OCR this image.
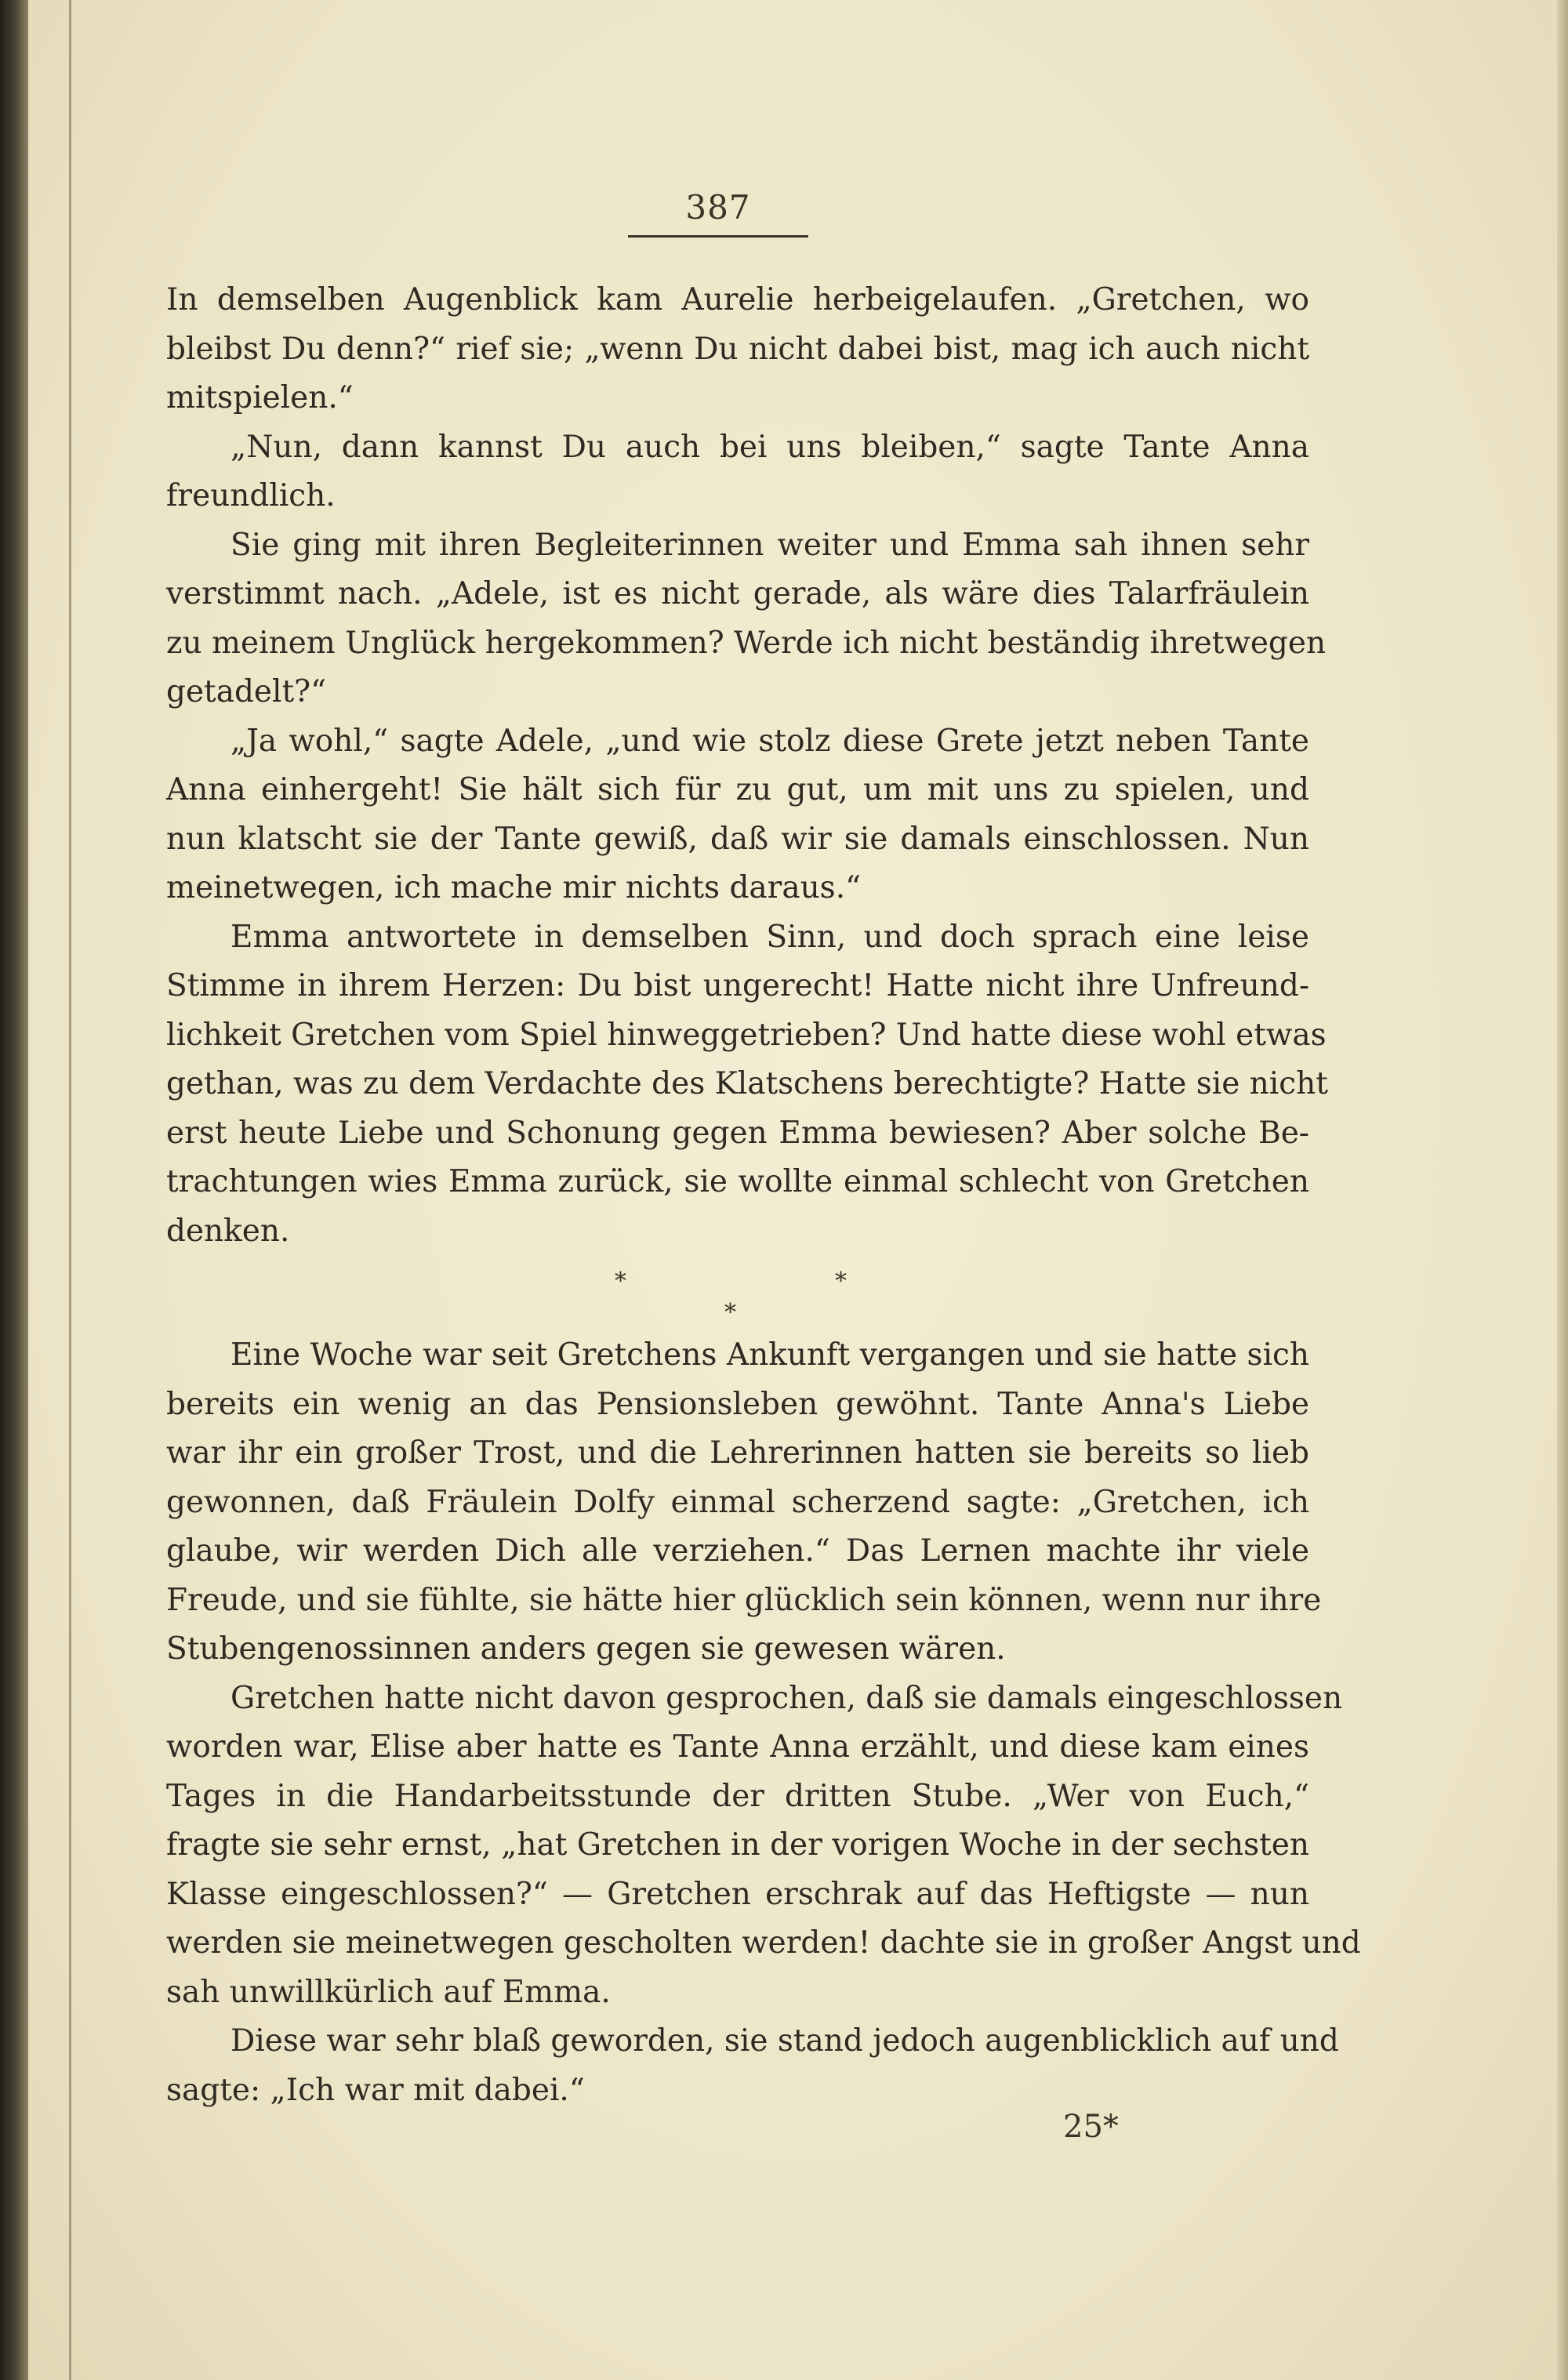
387
In demselben Augenblick kam Aurelie herbeigelaufen. „Gretchen, wo
bleibst Du denn?“ rief sie; „wenn Du nicht dabei bist, mag ich auch nicht
mitspielen.“
„Nun, dann kannst Du auch bei uns bleiben,“ sagte Tante Anna
freundlich.
Sie ging mit ihren Begleiterinnen weiter und Emma sah ihnen sehr
verstimmt nach. „Adele, ist es nicht gerade, als wäre dies Talarfräulein
zu meinem Unglück hergekommen? Werde ich nicht beständig ihretwegen
getadelt?“
„Ja wohl,“ sagte Adele, „und wie stolz diese Grete jetzt neben Tante
Anna einhergeht! Sie hält sich für zu gut, um mit uns zu spielen, und
nun klatscht sie der Tante gewiß, daß wir sie damals einschlossen. Nun
meinetwegen, ich mache mir nichts daraus.“
Emma antwortete in demselben Sinn, und doch sprach eine leise
Stimme in ihrem Herzen: Du bist ungerecht! Hatte nicht ihre Unfreund-
lichkeit Gretchen vom Spiel hinweggetrieben? Und hatte diese wohl etwas
gethan, was zu dem Verdachte des Klatschens berechtigte? Hatte sie nicht
erst heute Liebe und Schonung gegen Emma bewiesen? Aber solche Be-
trachtungen wies Emma zurück, sie wollte einmal schlecht von Gretchen
denken.
*	*
*
Eine Woche war seit Gretchens Ankunft vergangen und sie hatte sich
bereits ein wenig an das Pensionsleben gewöhnt. Tante Anna's Liebe
war ihr ein großer Trost, und die Lehrerinnen hatten sie bereits so lieb
gewonnen, daß Fräulein Dolfy einmal scherzend sagte: „Gretchen, ich
glaube, wir werden Dich alle verziehen.“ Das Lernen machte ihr viele
Freude, und sie fühlte, sie hätte hier glücklich sein können, wenn nur ihre
Stubengenossinnen anders gegen sie gewesen wären.
Gretchen hatte nicht davon gesprochen, daß sie damals eingeschlossen
worden war, Elise aber hatte es Tante Anna erzählt, und diese kam eines
Tages in die Handarbeitsstunde der dritten Stube. „Wer von Euch,“
fragte sie sehr ernst, „hat Gretchen in der vorigen Woche in der sechsten
Klasse eingeschlossen?“ — Gretchen erschrak auf das Heftigste — nun
werden sie meinetwegen gescholten werden! dachte sie in großer Angst und
sah unwillkürlich auf Emma.
Diese war sehr blaß geworden, sie stand jedoch augenblicklich auf und
sagte: „Ich war mit dabei.“
25*
